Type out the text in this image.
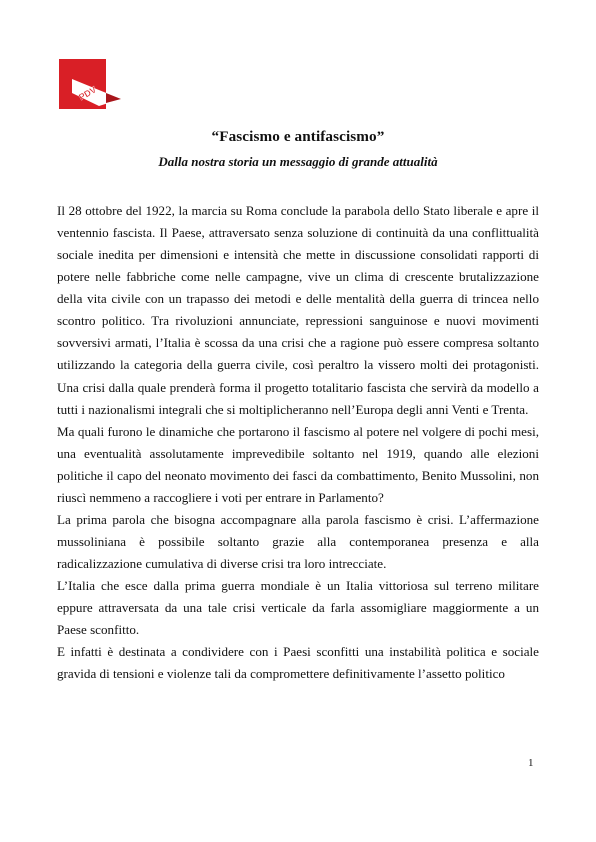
PDV
“Fascismo e antifascismo”
Dalla nostra storia un messaggio di grande attualità

Il 28 ottobre del 1922, la marcia su Roma conclude la parabola dello Stato liberale e apre il ventennio fascista. Il Paese, attraversato senza soluzione di continuità da una conflittualità sociale inedita per dimensioni e intensità che mette in discussione consolidati rapporti di potere nelle fabbriche come nelle campagne, vive un clima di crescente brutalizzazione della vita civile con un trapasso dei metodi e delle mentalità della guerra di trincea nello scontro politico. Tra rivoluzioni annunciate, repressioni sanguinose e nuovi movimenti sovversivi armati, l’Italia è scossa da una crisi che a ragione può essere compresa soltanto utilizzando la categoria della guerra civile, così peraltro la vissero molti dei protagonisti. Una crisi dalla quale prenderà forma il progetto totalitario fascista che servirà da modello a tutti i nazionalismi integrali che si moltiplicheranno nell’Europa degli anni Venti e Trenta.

Ma quali furono le dinamiche che portarono il fascismo al potere nel volgere di pochi mesi, una eventualità assolutamente imprevedibile soltanto nel 1919, quando alle elezioni politiche il capo del neonato movimento dei fasci da combattimento, Benito Mussolini, non riuscì nemmeno a raccogliere i voti per entrare in Parlamento?

La prima parola che bisogna accompagnare alla parola fascismo è crisi. L’affermazione mussoliniana è possibile soltanto grazie alla contemporanea presenza e alla radicalizzazione cumulativa di diverse crisi tra loro intrecciate.

L’Italia che esce dalla prima guerra mondiale è un Italia vittoriosa sul terreno militare eppure attraversata da una tale crisi verticale da farla assomigliare maggiormente a un Paese sconfitto.

E infatti è destinata a condividere con i Paesi sconfitti una instabilità politica e sociale gravida di tensioni e violenze tali da compromettere definitivamente l’assetto politico

1
